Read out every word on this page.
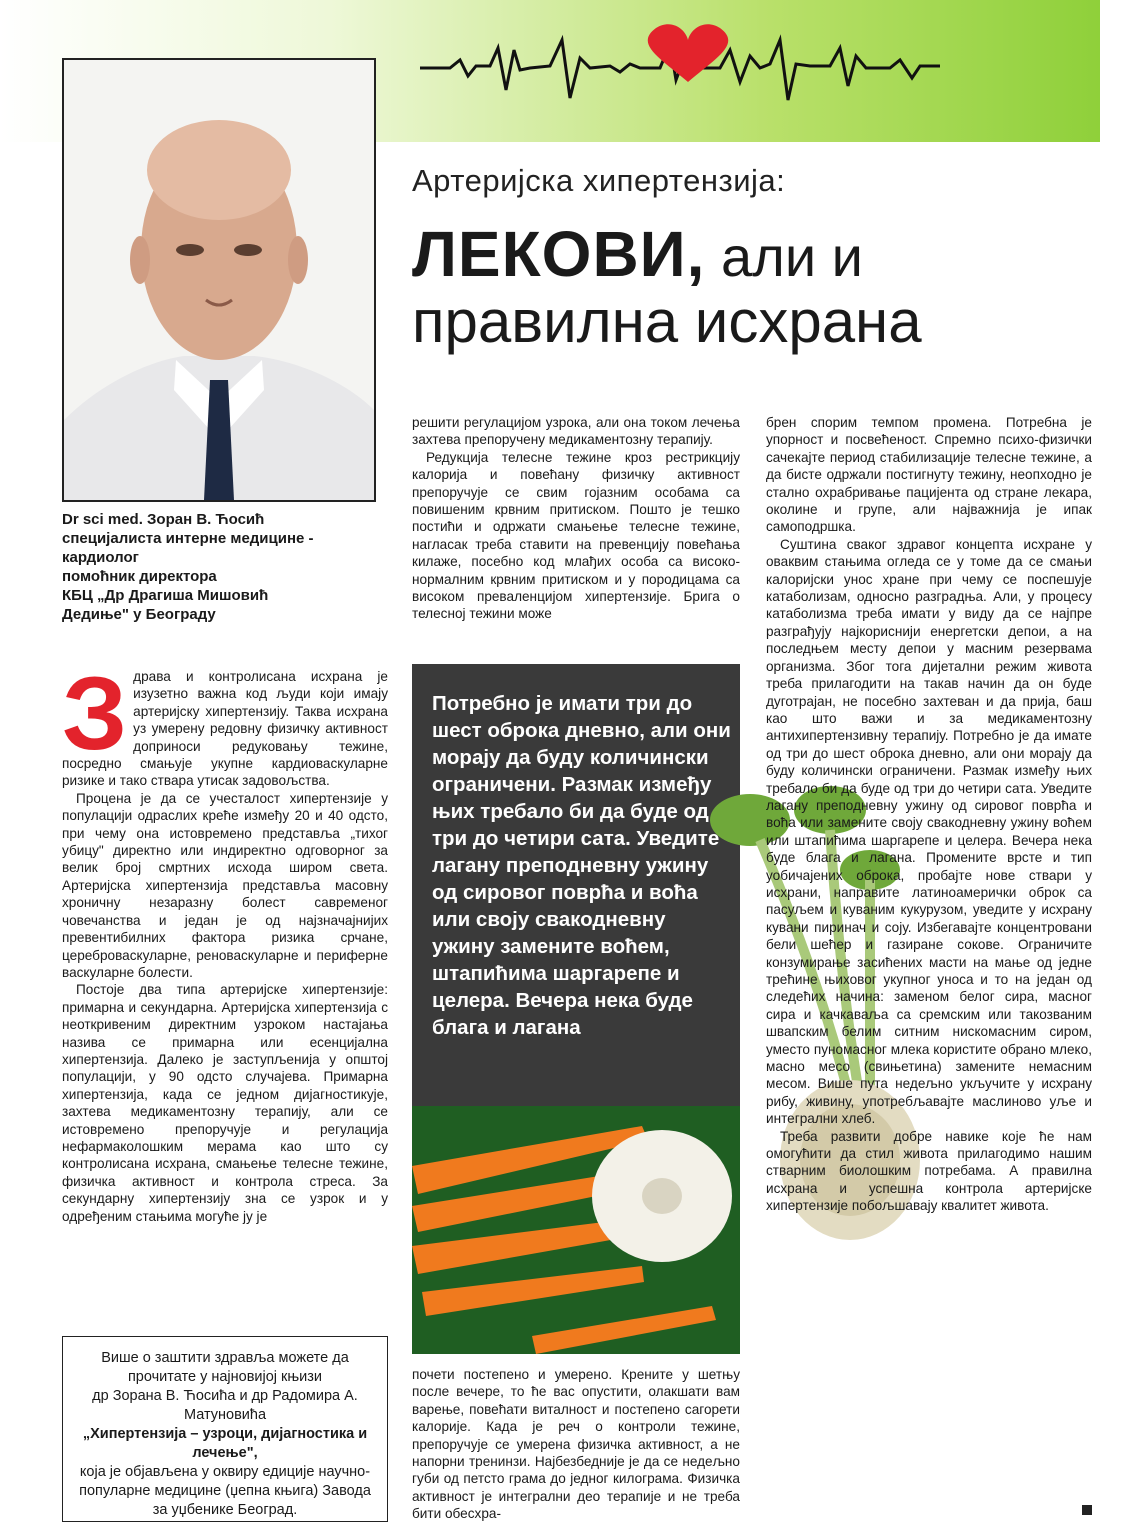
Dr sci med. Зоран В. Ћосић
специјалиста интерне медицине -
кардиолог
помоћник директора
КБЦ „Др Драгиша Мишовић
Дедиње" у Београду
Артеријска хипертензија:
ЛЕКОВИ, али и
правилна исхрана

Здрава и контролисана исхрана је изузетно важна код људи који имају артеријску хипертензију. Таква исхрана уз умерену редовну физичку активност доприноси редуковању тежине, посредно смањује укупне кардиоваскуларне ризике и тако ствара утисак задовољства.

Процена је да се учесталост хипертензије у популацији одраслих креће између 20 и 40 одсто, при чему она истовремено представља „тихог убицу" директно или индиректно одговорног за велик број смртних исхода широм света. Артеријска хипертензија представља масовну хроничну незаразну болест савременог човечанства и један је од најзначајнијих превентибилних фактора ризика срчане, цереброваскуларне, реноваскуларне и периферне васкуларне болести.

Постоје два типа артеријске хипертензије: примарна и секундарна. Артеријска хипертензија с неоткривеним директним узроком настајања назива се примарна или есенцијална хипертензија. Далеко је заступљенија у општој популацији, у 90 одсто случајева. Примарна хипертензија, када се једном дијагностикује, захтева медикаментозну терапију, али се истовремено препоручује и регулација нефармаколошким мерама као што су контролисана исхрана, смањење телесне тежине, физичка активност и контрола стреса. За секундарну хипертензију зна се узрок и у одређеним стањима могуће ју је

решити регулацијом узрока, али она током лечења захтева препоручену медикаментозну терапију.

Редукција телесне тежине кроз рестрикцију калорија и повећану физичку активност препоручује се свим гојазним особама са повишеним крвним притиском. Пошто је тешко постићи и одржати смањење телесне тежине, нагласак треба ставити на превенцију повећања килаже, посебно код млађих особа са високо-нормалним крвним притиском и у породицама са високом преваленцијом хипертензије. Брига о телесној тежини може

Потребно је имати три до шест оброка дневно, али они морају да буду количински ограничени. Размак између њих требало би да буде од три до четири сата. Уведите лагану преподневну ужину од сировог поврћа и воћа или своју свакодневну ужину замените воћем, штапићима шаргарепе и целера. Вечера нека буде блага и лагана

почети постепено и умерено. Крените у шетњу после вечере, то ће вас опустити, олакшати вам варење, повећати виталност и постепено сагорети калорије. Када је реч о контроли тежине, препоручује се умерена физичка активност, а не напорни тренинзи. Најбезбедније је да се недељно губи од петсто грама до једног килограма. Физичка активност је интегрални део терапије и не треба бити обесхра-

брен спорим темпом промена. Потребна је упорност и посвећеност. Спремно психо-физички сачекајте период стабилизације телесне тежине, а да бисте одржали постигнуту тежину, неопходно је стално охрабривање пацијента од стране лекара, околине и групе, али најважнија је ипак самоподршка.

Суштина сваког здравог концепта исхране у оваквим стањима огледа се у томе да се смањи калоријски унос хране при чему се поспешује катаболизам, односно разградња. Али, у процесу катаболизма треба имати у виду да се најпре разграђују најкориснији енергетски депои, а на последњем месту депои у масним резервама организма. Због тога дијетални режим живота треба прилагодити на такав начин да он буде дуготрајан, не посебно захтеван и да прија, баш као што важи и за медикаментозну антихипертензивну терапију. Потребно је да имате од три до шест оброка дневно, али они морају да буду количински ограничени. Размак између њих требало би да буде од три до четири сата. Уведите лагану преподневну ужину од сировог поврћа и воћа или замените своју свакодневну ужину воћем или штапићима шаргарепе и целера. Вечера нека буде блага и лагана. Промените врсте и тип уобичајених оброка, пробајте нове ствари у исхрани, направите латиноамерички оброк са пасуљем и куваним кукурузом, уведите у исхрану кувани пиринач и соју. Избегавајте концентровани бели шећер и газиране сокове. Ограничите конзумирање засићених масти на мање од једне трећине њиховог укупног уноса и то на један од следећих начина: заменом белог сира, масног сира и качкаваља са сремским или такозваним швапским белим ситним нискомасним сиром, уместо пуномасног млека користите обрано млеко, масно месо (свињетина) замените немасним месом. Више пута недељно укључите у исхрану рибу, живину, употребљавајте маслиново уље и интегрални хлеб.

Треба развити добре навике које ће нам омогућити да стил живота прилагодимо нашим стварним биолошким потребама. А правилна исхрана и успешна контрола артеријске хипертензије побољшавају квалитет живота.

Више о заштити здравља можете да прочитате у најновијој књизи
др Зорана В. Ћосића и др Радомира А. Матуновића
„Хипертензија – узроци, дијагностика и лечење",
која је објављена у оквиру едиције научно-популарне медицине (џепна књига) Завода за уџбенике Београд.
